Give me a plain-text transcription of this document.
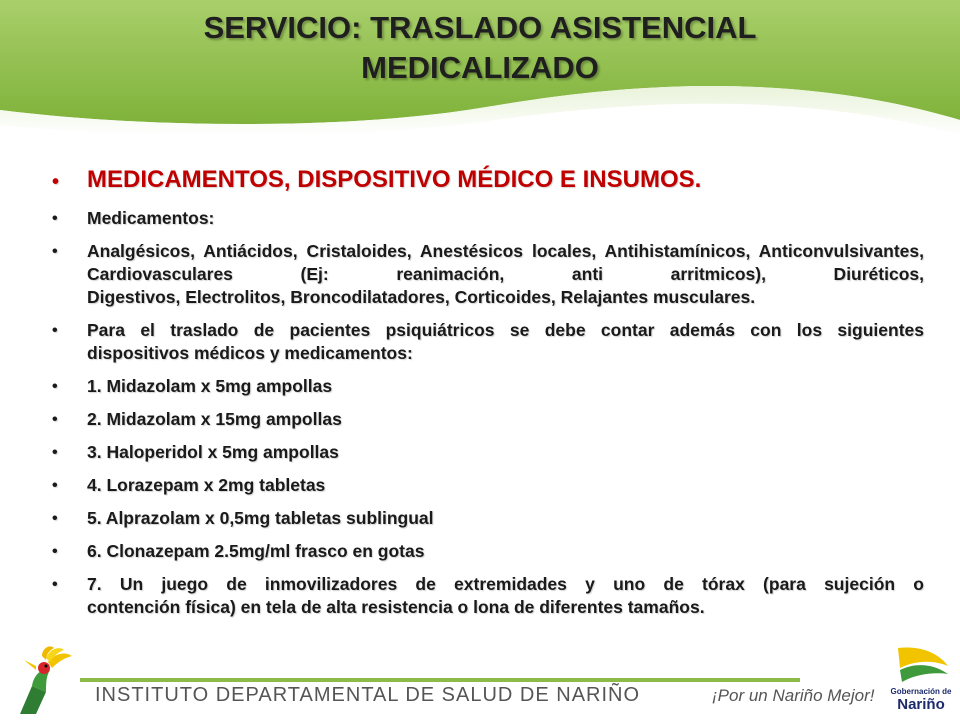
SERVICIO: TRASLADO ASISTENCIAL
MEDICALIZADO
•	MEDICAMENTOS, DISPOSITIVO MÉDICO E INSUMOS.
•	Medicamentos:
•	Analgésicos, Antiácidos, Cristaloides, Anestésicos locales, Antihistamínicos, Anticonvulsivantes, Cardiovasculares (Ej: reanimación, anti arritmicos), Diuréticos,
Digestivos, Electrolitos, Broncodilatadores, Corticoides, Relajantes musculares.
•	Para el traslado de pacientes psiquiátricos se debe contar además con los siguientes
dispositivos médicos y medicamentos:
•	1. Midazolam x 5mg ampollas
•	2. Midazolam x 15mg ampollas
•	3. Haloperidol x 5mg ampollas
•	4. Lorazepam x 2mg tabletas
•	5. Alprazolam x 0,5mg tabletas sublingual
•	6. Clonazepam 2.5mg/ml frasco en gotas
•	7. Un juego de inmovilizadores de extremidades y uno de tórax (para sujeción o
contención física) en tela de alta resistencia o lona de diferentes tamaños.
INSTITUTO DEPARTAMENTAL DE SALUD DE NARIÑO	¡Por un Nariño Mejor!	Gobernación de
Nariño
